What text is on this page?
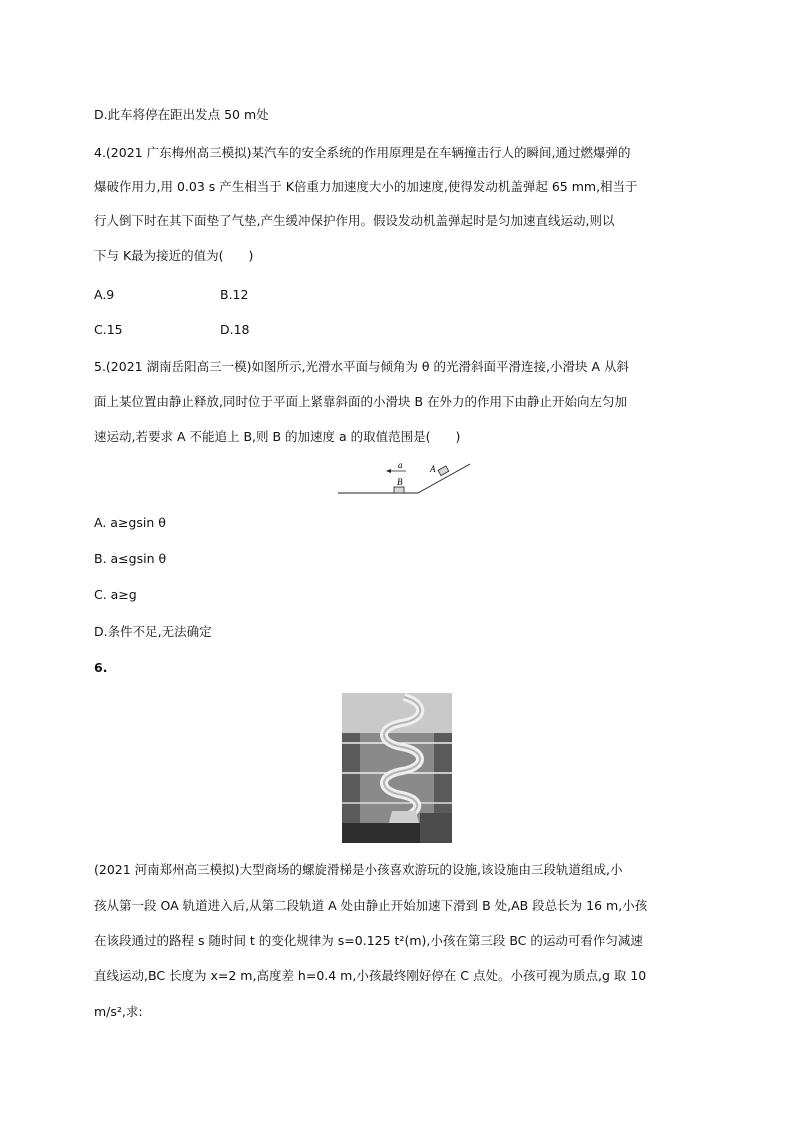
D.此车将停在距出发点 50 m处
4.(2021 广东梅州高三模拟)某汽车的安全系统的作用原理是在车辆撞击行人的瞬间,通过燃爆弹的
爆破作用力,用 0.03 s 产生相当于 K倍重力加速度大小的加速度,使得发动机盖弹起 65 mm,相当于
行人倒下时在其下面垫了气垫,产生缓冲保护作用。假设发动机盖弹起时是匀加速直线运动,则以
下与 K最为接近的值为(　　)
A.9	B.12
C.15	D.18
5.(2021 湖南岳阳高三一模)如图所示,光滑水平面与倾角为 θ 的光滑斜面平滑连接,小滑块 A 从斜
面上某位置由静止释放,同时位于平面上紧靠斜面的小滑块 B 在外力的作用下由静止开始向左匀加
速运动,若要求 A 不能追上 B,则 B 的加速度 a 的取值范围是(　　)
a	A
B
A. a≥gsin θ
B. a≤gsin θ
C. a≥g
D.条件不足,无法确定
6.
(2021 河南郑州高三模拟)大型商场的螺旋滑梯是小孩喜欢游玩的设施,该设施由三段轨道组成,小
孩从第一段 OA 轨道进入后,从第二段轨道 A 处由静止开始加速下滑到 B 处,AB 段总长为 16 m,小孩
在该段通过的路程 s 随时间 t 的变化规律为 s=0.125 t²(m),小孩在第三段 BC 的运动可看作匀减速
直线运动,BC 长度为 x=2 m,高度差 h=0.4 m,小孩最终刚好停在 C 点处。小孩可视为质点,g 取 10
m/s²,求:
